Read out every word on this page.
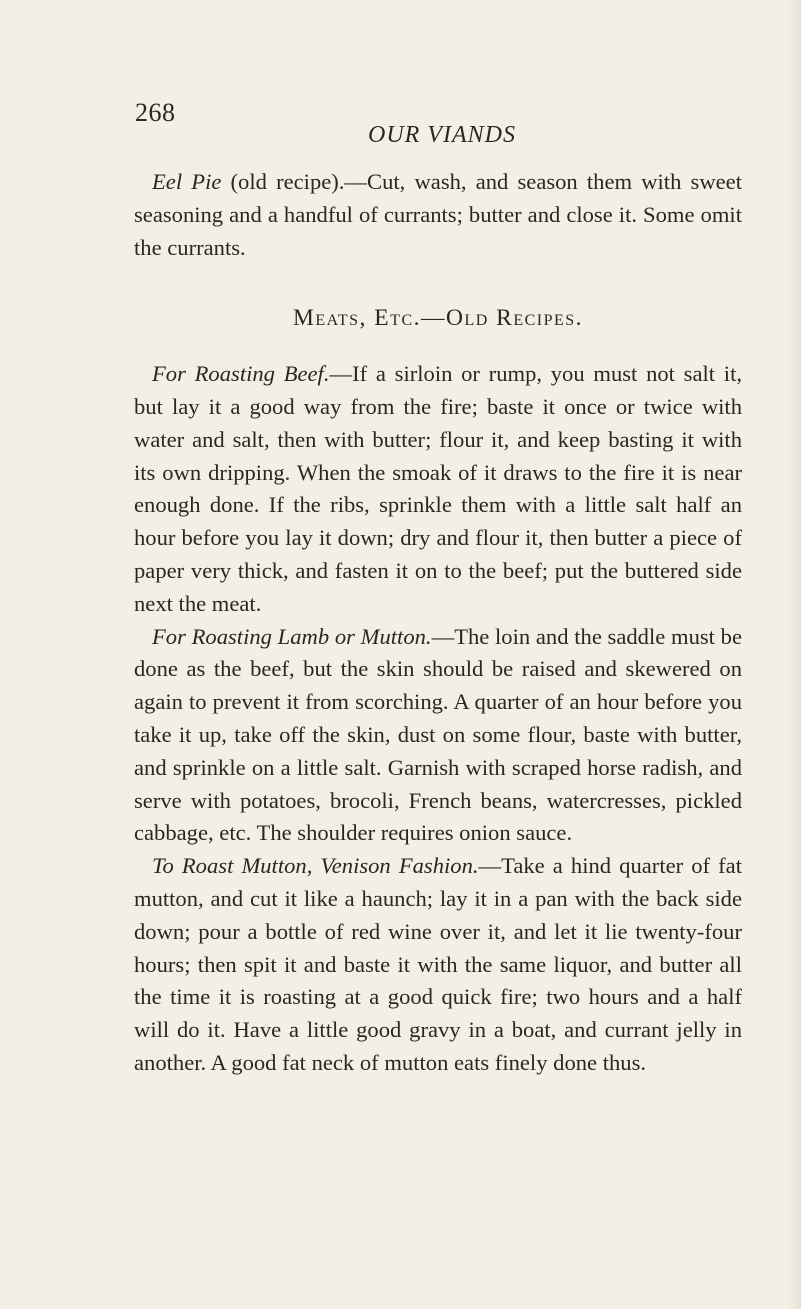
268
OUR VIANDS

Eel Pie (old recipe).—Cut, wash, and season them with sweet seasoning and a handful of currants; butter and close it. Some omit the currants.

Meats, Etc.—Old Recipes.

For Roasting Beef.—If a sirloin or rump, you must not salt it, but lay it a good way from the fire; baste it once or twice with water and salt, then with butter; flour it, and keep basting it with its own dripping. When the smoak of it draws to the fire it is near enough done. If the ribs, sprinkle them with a little salt half an hour before you lay it down; dry and flour it, then butter a piece of paper very thick, and fasten it on to the beef; put the buttered side next the meat.

For Roasting Lamb or Mutton.—The loin and the saddle must be done as the beef, but the skin should be raised and skewered on again to prevent it from scorching. A quarter of an hour before you take it up, take off the skin, dust on some flour, baste with butter, and sprinkle on a little salt. Garnish with scraped horse radish, and serve with potatoes, brocoli, French beans, watercresses, pickled cabbage, etc. The shoulder requires onion sauce.

To Roast Mutton, Venison Fashion.—Take a hind quarter of fat mutton, and cut it like a haunch; lay it in a pan with the back side down; pour a bottle of red wine over it, and let it lie twenty-four hours; then spit it and baste it with the same liquor, and butter all the time it is roasting at a good quick fire; two hours and a half will do it. Have a little good gravy in a boat, and currant jelly in another. A good fat neck of mutton eats finely done thus.
